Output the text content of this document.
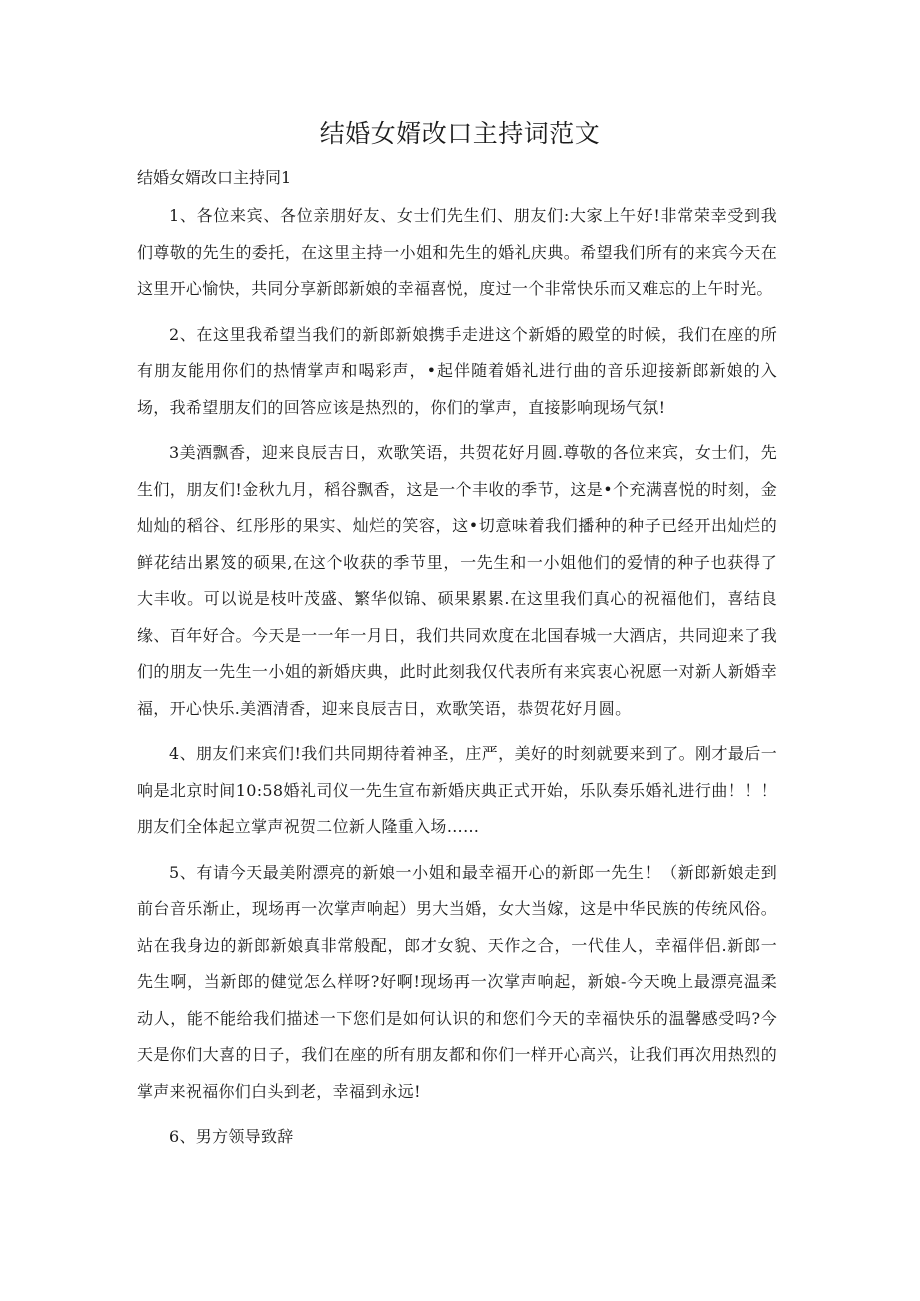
结婚女婿改口主持词范文

结婚女婿改口主持同1

1、各位来宾、各位亲朋好友、女士们先生们、朋友们:大家上午好!非常荣幸受到我们尊敬的先生的委托，在这里主持一小姐和先生的婚礼庆典。希望我们所有的来宾今天在这里开心愉快，共同分享新郎新娘的幸福喜悦，度过一个非常快乐而又难忘的上午时光。

2、在这里我希望当我们的新郎新娘携手走进这个新婚的殿堂的时候，我们在座的所有朋友能用你们的热情掌声和喝彩声，•起伴随着婚礼进行曲的音乐迎接新郎新娘的入场，我希望朋友们的回答应该是热烈的，你们的掌声，直接影响现场气氛!

3美酒飘香，迎来良辰吉日，欢歌笑语，共贺花好月圆.尊敬的各位来宾，女士们，先生们，朋友们!金秋九月，稻谷飘香，这是一个丰收的季节，这是•个充满喜悦的时刻，金灿灿的稻谷、红彤彤的果实、灿烂的笑容，这•切意味着我们播种的种子已经开出灿烂的鲜花结出累笈的硕果,在这个收获的季节里，一先生和一小姐他们的爱情的种子也获得了大丰收。可以说是枝叶茂盛、繁华似锦、硕果累累.在这里我们真心的祝福他们，喜结良缘、百年好合。今天是一一年一月日，我们共同欢度在北国春城一大酒店，共同迎来了我们的朋友一先生一小姐的新婚庆典，此时此刻我仅代表所有来宾衷心祝愿一对新人新婚幸福，开心快乐.美酒清香，迎来良辰吉日，欢歌笑语，恭贺花好月圆。

4、朋友们来宾们!我们共同期待着神圣，庄严，美好的时刻就要来到了。刚才最后一响是北京时间10:58婚礼司仪一先生宣布新婚庆典正式开始，乐队奏乐婚礼进行曲！！！朋友们全体起立掌声祝贺二位新人隆重入场……

5、有请今天最美附漂亮的新娘一小姐和最幸福开心的新郎一先生！（新郎新娘走到前台音乐渐止，现场再一次掌声响起）男大当婚，女大当嫁，这是中华民族的传统风俗。站在我身边的新郎新娘真非常般配，郎才女貌、天作之合，一代佳人，幸福伴侣.新郎一先生啊，当新郎的健觉怎么样呀?好啊!现场再一次掌声响起，新娘-今天晚上最漂亮温柔动人，能不能给我们描述一下您们是如何认识的和您们今天的幸福快乐的温馨感受吗?今天是你们大喜的日子，我们在座的所有朋友都和你们一样开心高兴，让我们再次用热烈的掌声来祝福你们白头到老，幸福到永远!

6、男方领导致辞
